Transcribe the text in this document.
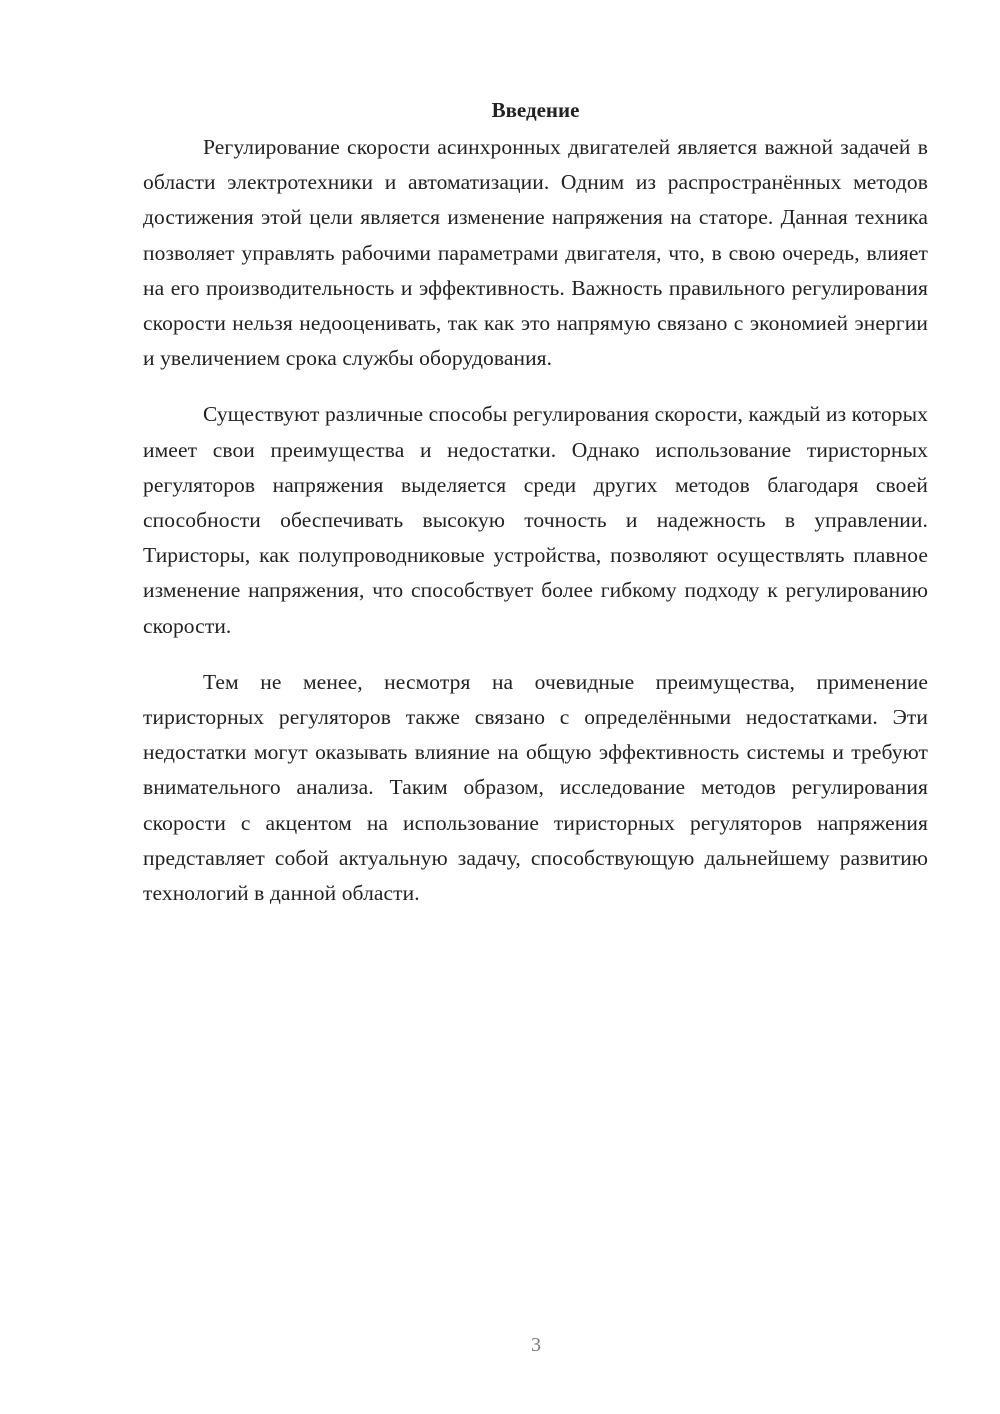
Введение

Регулирование скорости асинхронных двигателей является важной задачей в области электротехники и автоматизации. Одним из распространённых методов достижения этой цели является изменение напряжения на статоре. Данная техника позволяет управлять рабочими параметрами двигателя, что, в свою очередь, влияет на его производительность и эффективность. Важность правильного регулирования скорости нельзя недооценивать, так как это напрямую связано с экономией энергии и увеличением срока службы оборудования.

Существуют различные способы регулирования скорости, каждый из которых имеет свои преимущества и недостатки. Однако использование тиристорных регуляторов напряжения выделяется среди других методов благодаря своей способности обеспечивать высокую точность и надежность в управлении. Тиристоры, как полупроводниковые устройства, позволяют осуществлять плавное изменение напряжения, что способствует более гибкому подходу к регулированию скорости.

Тем не менее, несмотря на очевидные преимущества, применение тиристорных регуляторов также связано с определёнными недостатками. Эти недостатки могут оказывать влияние на общую эффективность системы и требуют внимательного анализа. Таким образом, исследование методов регулирования скорости с акцентом на использование тиристорных регуляторов напряжения представляет собой актуальную задачу, способствующую дальнейшему развитию технологий в данной области.

3
